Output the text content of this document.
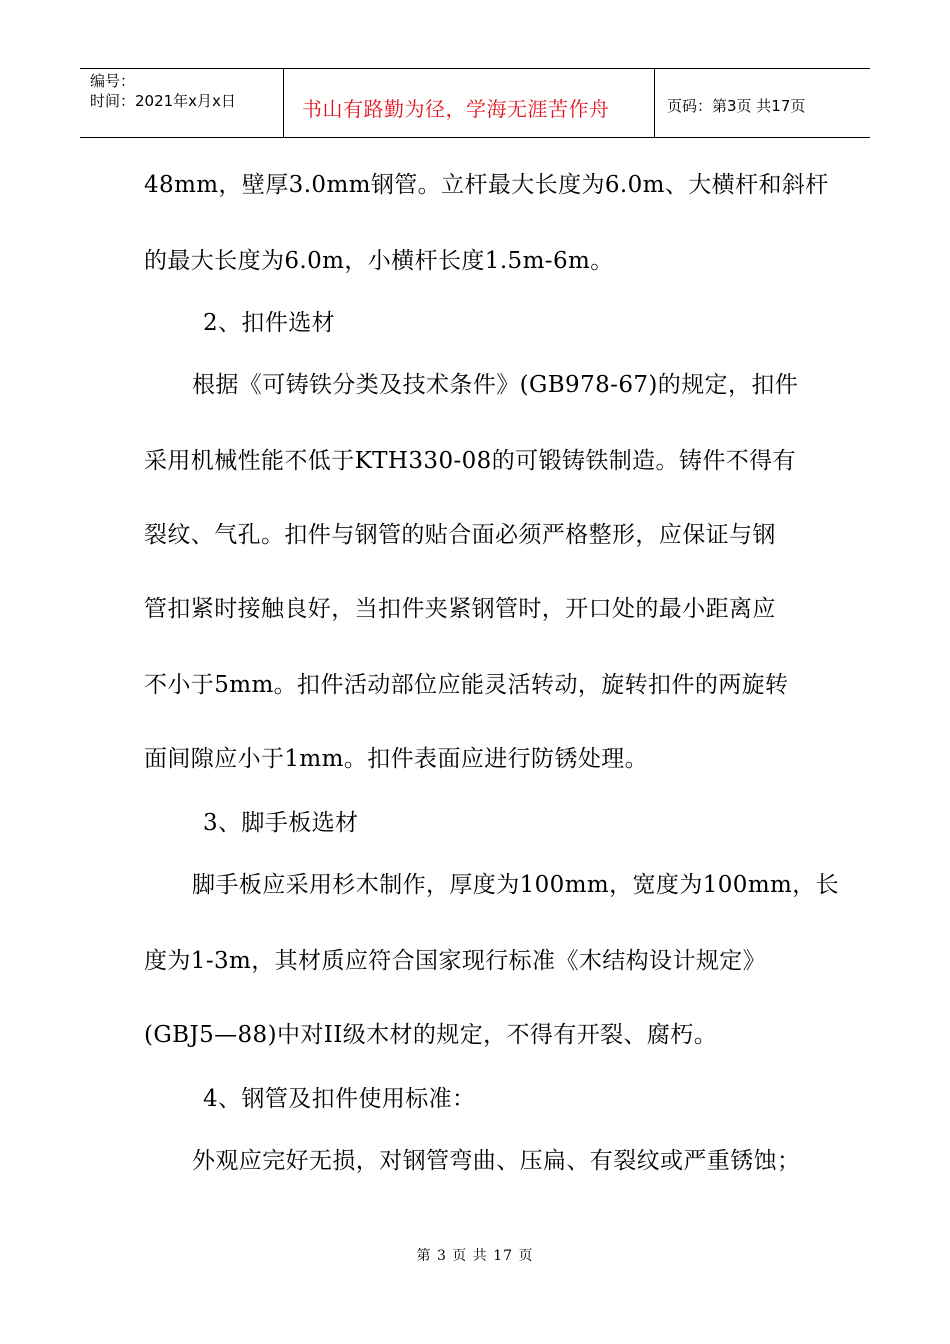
编号：
时间：2021年x月x日	书山有路勤为径，学海无涯苦作舟	页码：第3页 共17页
48mm，壁厚3.0mm钢管。立杆最大长度为6.0m、大横杆和斜杆
的最大长度为6.0m，小横杆长度1.5m-6m。
2、扣件选材
根据《可铸铁分类及技术条件》(GB978-67)的规定，扣件
采用机械性能不低于KTH330-08的可锻铸铁制造。铸件不得有
裂纹、气孔。扣件与钢管的贴合面必须严格整形，应保证与钢
管扣紧时接触良好，当扣件夹紧钢管时，开口处的最小距离应
不小于5mm。扣件活动部位应能灵活转动，旋转扣件的两旋转
面间隙应小于1mm。扣件表面应进行防锈处理。
3、脚手板选材
脚手板应采用杉木制作，厚度为100mm，宽度为100mm，长
度为1-3m，其材质应符合国家现行标准《木结构设计规定》
(GBJ5—88)中对II级木材的规定，不得有开裂、腐朽。
4、钢管及扣件使用标准：
外观应完好无损，对钢管弯曲、压扁、有裂纹或严重锈蚀；
第 3 页 共 17 页
